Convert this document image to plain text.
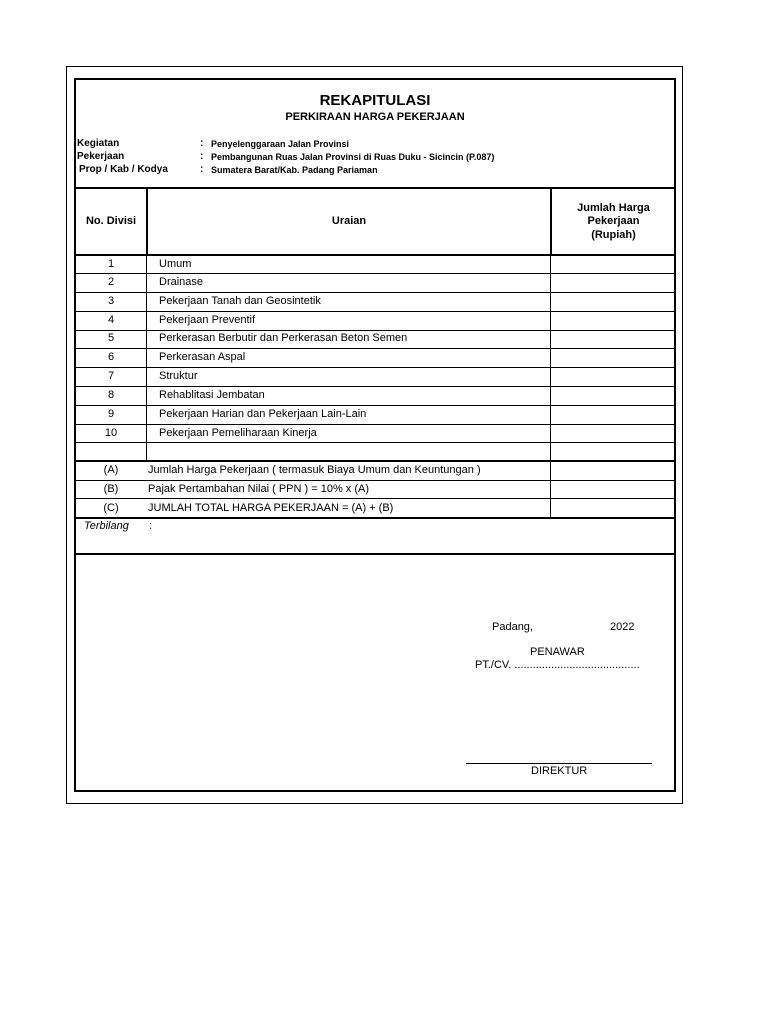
REKAPITULASI
PERKIRAAN HARGA PEKERJAAN
Kegiatan	: Penyelenggaraan Jalan Provinsi
Pekerjaan	: Pembangunan Ruas Jalan Provinsi di Ruas Duku - Sicincin (P.087)
Prop / Kab / Kodya	: Sumatera Barat/Kab. Padang Pariaman
No. Divisi	Uraian
Jumlah Harga
Pekerjaan
(Rupiah)
1	Umum
2	Drainase
3	Pekerjaan Tanah dan Geosintetik
4	Pekerjaan Preventif
5	Perkerasan Berbutir dan Perkerasan Beton Semen
6	Perkerasan Aspal
7	Struktur
8	Rehablitasi Jembatan
9	Pekerjaan Harian dan Pekerjaan Lain-Lain
10	Pekerjaan Pemeliharaan Kinerja
(A)	Jumlah Harga Pekerjaan ( termasuk Biaya Umum dan Keuntungan )
(B)	Pajak Pertambahan Nilai ( PPN ) = 10% x (A)
(C)	JUMLAH TOTAL HARGA PEKERJAAN = (A) + (B)
Terbilang :
Padang,	2022
PENAWAR
PT./CV. .........................................
DIREKTUR
